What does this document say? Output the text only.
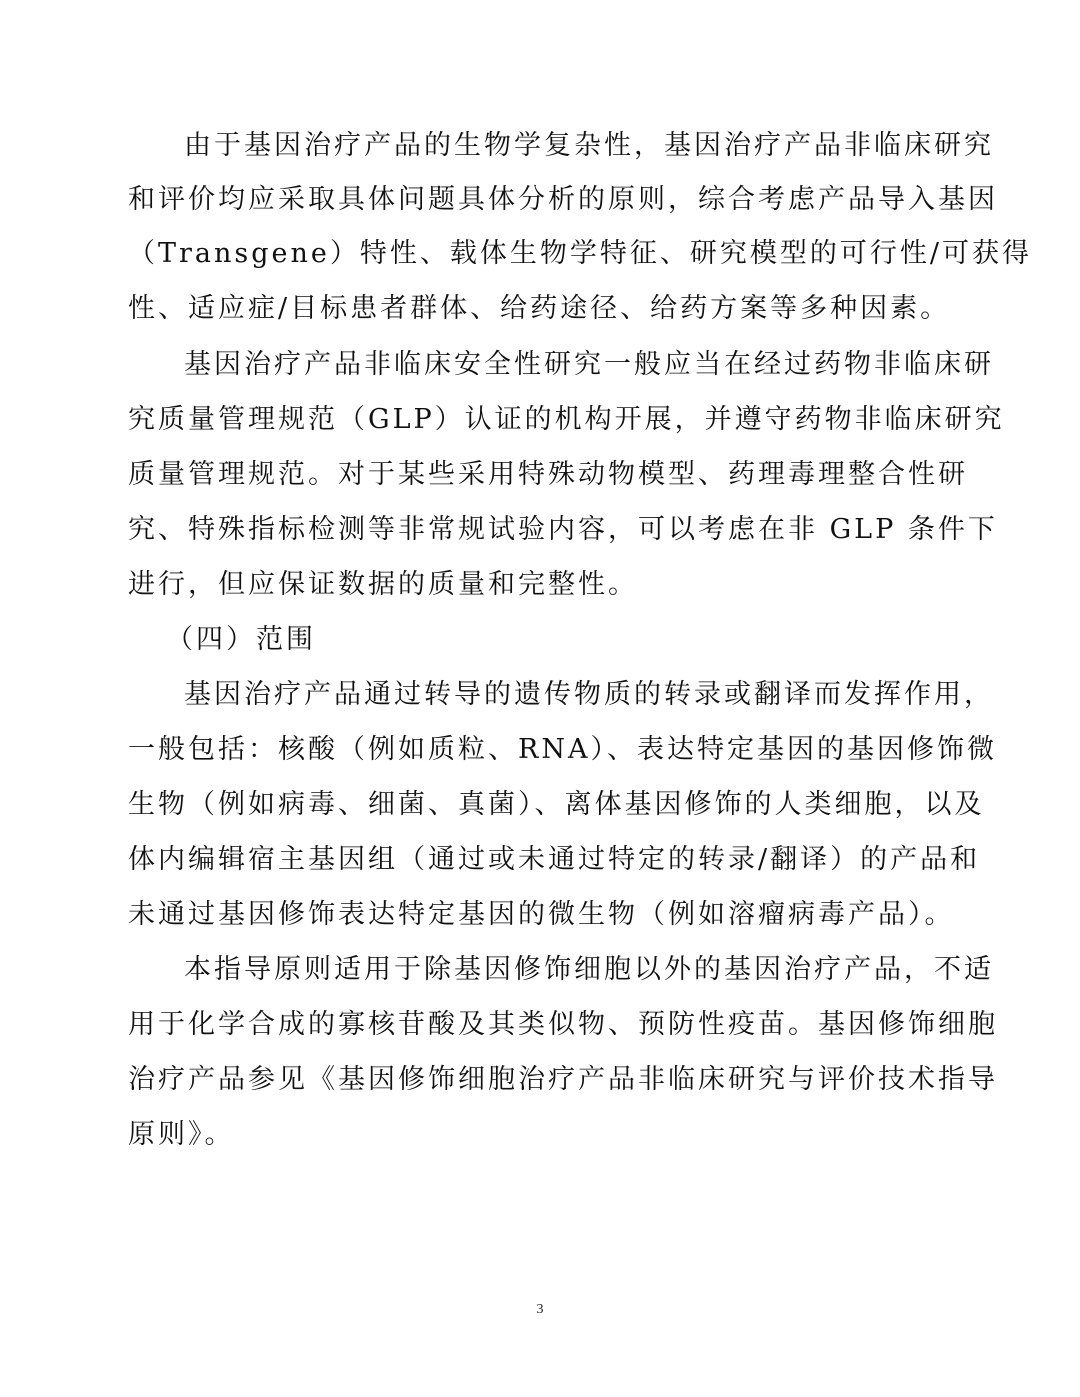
由于基因治疗产品的生物学复杂性，基因治疗产品非临床研究
和评价均应采取具体问题具体分析的原则，综合考虑产品导入基因
（Transgene）特性、载体生物学特征、研究模型的可行性/可获得
性、适应症/目标患者群体、给药途径、给药方案等多种因素。
基因治疗产品非临床安全性研究一般应当在经过药物非临床研
究质量管理规范（GLP）认证的机构开展，并遵守药物非临床研究
质量管理规范。对于某些采用特殊动物模型、药理毒理整合性研
究、特殊指标检测等非常规试验内容，可以考虑在非 GLP 条件下
进行，但应保证数据的质量和完整性。
（四）范围
基因治疗产品通过转导的遗传物质的转录或翻译而发挥作用，
一般包括：核酸（例如质粒、RNA）、表达特定基因的基因修饰微
生物（例如病毒、细菌、真菌）、离体基因修饰的人类细胞，以及
体内编辑宿主基因组（通过或未通过特定的转录/翻译）的产品和
未通过基因修饰表达特定基因的微生物（例如溶瘤病毒产品）。
本指导原则适用于除基因修饰细胞以外的基因治疗产品，不适
用于化学合成的寡核苷酸及其类似物、预防性疫苗。基因修饰细胞
治疗产品参见《基因修饰细胞治疗产品非临床研究与评价技术指导
原则》。
3
